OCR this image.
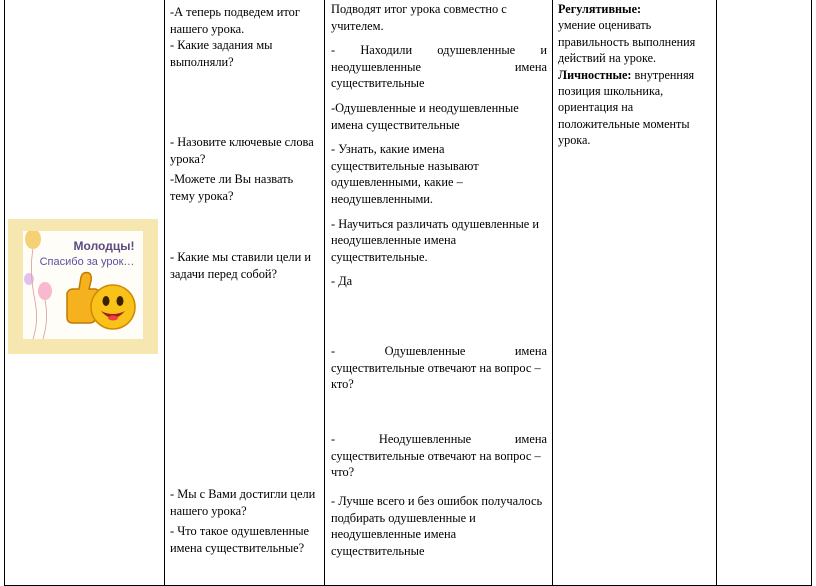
Молодцы!
Спасибо за урок…

-А теперь подведем итог нашего урока.

- Какие задания мы выполняли?

- Назовите ключевые слова урока?

-Можете ли Вы назвать тему урока?

- Какие мы ставили цели и задачи перед собой?

- Мы с Вами достигли цели нашего урока?

- Что такое одушевленные имена существительные?

Подводят итог урока совместно с учителем.

- Находили одушевленные и

неодушевленные имена

существительные

-Одушевленные и неодушевленные имена существительные

- Узнать, какие имена существительные называют одушевленными, какие – неодушевленными.

- Научиться различать одушевленные и неодушевленные имена существительные.

- Да

- Одушевленные имена

существительные отвечают на вопрос –

кто?

- Неодушевленные имена

существительные отвечают на вопрос –

что?

- Лучше всего и без ошибок получалось подбирать одушевленные и неодушевленные имена существительные

Регулятивные:

умение оценивать правильность выполнения действий на уроке.

Личностные: внутренняя позиция школьника, ориентация на положительные моменты урока.
